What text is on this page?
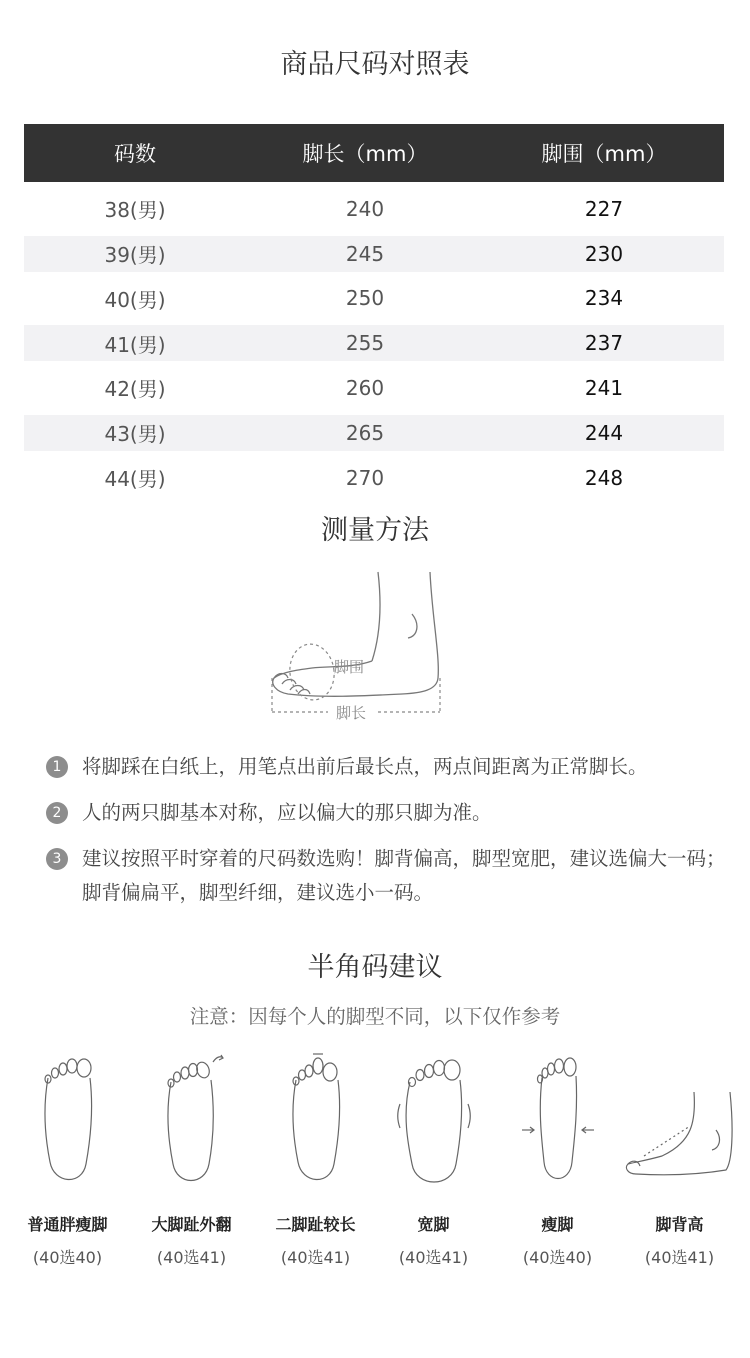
商品尺码对照表
码数	脚长（mm）	脚围（mm）
38(男)	240	227
39(男)	245	230
40(男)	250	234
41(男)	255	237
42(男)	260	241
43(男)	265	244
44(男)	270	248
测量方法
脚围
脚长
1	将脚踩在白纸上，用笔点出前后最长点，两点间距离为正常脚长。
2	人的两只脚基本对称，应以偏大的那只脚为准。
3	建议按照平时穿着的尺码数选购！脚背偏高，脚型宽肥，建议选偏大一码；脚背偏扁平，脚型纤细，建议选小一码。
半角码建议
注意：因每个人的脚型不同，以下仅作参考
普通胖瘦脚
(40选40)
大脚趾外翻
(40选41)
二脚趾较长
(40选41)
宽脚
(40选41)
瘦脚
(40选40)
脚背高
(40选41)
